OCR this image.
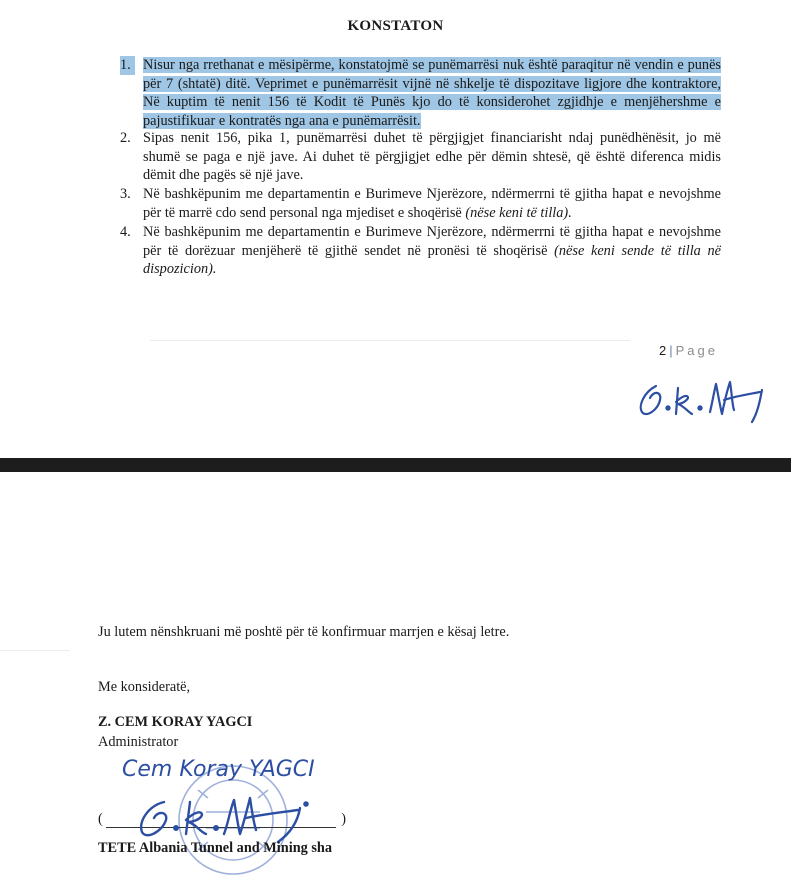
KONSTATON
1. Nisur nga rrethanat e mësipërme, konstatojmë se punëmarrësi nuk është paraqitur në vendin e punës për 7 (shtatë) ditë. Veprimet e punëmarrësit vijnë në shkelje të dispozitave ligjore dhe kontraktore, Në kuptim të nenit 156 të Kodit të Punës kjo do të konsiderohet zgjidhje e menjëhershme e pajustifikuar e kontratës nga ana e punëmarrësit.
2. Sipas nenit 156, pika 1, punëmarrësi duhet të përgjigjet financiarisht ndaj punëdhënësit, jo më shumë se paga e një jave. Ai duhet të përgjigjet edhe për dëmin shtesë, që është diferenca midis dëmit dhe pagës së një jave.
3. Në bashkëpunim me departamentin e Burimeve Njerëzore, ndërmerrni të gjitha hapat e nevojshme për të marrë cdo send personal nga mjediset e shoqërisë (nëse keni të tilla).
4. Në bashkëpunim me departamentin e Burimeve Njerëzore, ndërmerrni të gjitha hapat e nevojshme për të dorëzuar menjëherë të gjithë sendet në pronësi të shoqërisë (nëse keni sende të tilla në dispozicion).
2 | Page
Ju lutem nënshkruani më poshtë për të konfirmuar marrjen e kësaj letre.
Me konsideratë,
Z. CEM KORAY YAGCI
Administrator
Cem Koray YAGCI
(	)
TETE Albania Tunnel and Mining sha
